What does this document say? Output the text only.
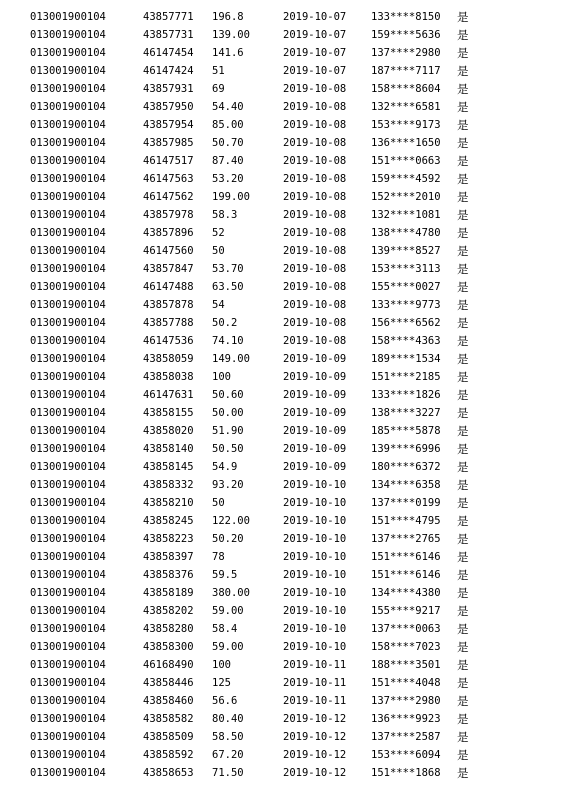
013001900104	43857771 196.8	2019-10-07 133****8150 是
013001900104	43857731 139.00	2019-10-07 159****5636 是
013001900104	46147454 141.6	2019-10-07 137****2980 是
013001900104	46147424 51	2019-10-07 187****7117 是
013001900104	43857931 69	2019-10-08 158****8604 是
013001900104	43857950 54.40	2019-10-08 132****6581 是
013001900104	43857954 85.00	2019-10-08 153****9173 是
013001900104	43857985 50.70	2019-10-08 136****1650 是
013001900104	46147517 87.40	2019-10-08 151****0663 是
013001900104	46147563 53.20	2019-10-08 159****4592 是
013001900104	46147562 199.00	2019-10-08 152****2010 是
013001900104	43857978 58.3	2019-10-08 132****1081 是
013001900104	43857896 52	2019-10-08 138****4780 是
013001900104	46147560 50	2019-10-08 139****8527 是
013001900104	43857847 53.70	2019-10-08 153****3113 是
013001900104	46147488 63.50	2019-10-08 155****0027 是
013001900104	43857878 54	2019-10-08 133****9773 是
013001900104	43857788 50.2	2019-10-08 156****6562 是
013001900104	46147536 74.10	2019-10-08 158****4363 是
013001900104	43858059 149.00	2019-10-09 189****1534 是
013001900104	43858038 100	2019-10-09 151****2185 是
013001900104	46147631 50.60	2019-10-09 133****1826 是
013001900104	43858155 50.00	2019-10-09 138****3227 是
013001900104	43858020 51.90	2019-10-09 185****5878 是
013001900104	43858140 50.50	2019-10-09 139****6996 是
013001900104	43858145 54.9	2019-10-09 180****6372 是
013001900104	43858332 93.20	2019-10-10 134****6358 是
013001900104	43858210 50	2019-10-10 137****0199 是
013001900104	43858245 122.00	2019-10-10 151****4795 是
013001900104	43858223 50.20	2019-10-10 137****2765 是
013001900104	43858397 78	2019-10-10 151****6146 是
013001900104	43858376 59.5	2019-10-10 151****6146 是
013001900104	43858189 380.00	2019-10-10 134****4380 是
013001900104	43858202 59.00	2019-10-10 155****9217 是
013001900104	43858280 58.4	2019-10-10 137****0063 是
013001900104	43858300 59.00	2019-10-10 158****7023 是
013001900104	46168490 100	2019-10-11 188****3501 是
013001900104	43858446 125	2019-10-11 151****4048 是
013001900104	43858460 56.6	2019-10-11 137****2980 是
013001900104	43858582 80.40	2019-10-12 136****9923 是
013001900104	43858509 58.50	2019-10-12 137****2587 是
013001900104	43858592 67.20	2019-10-12 153****6094 是
013001900104	43858653 71.50	2019-10-12 151****1868 是
